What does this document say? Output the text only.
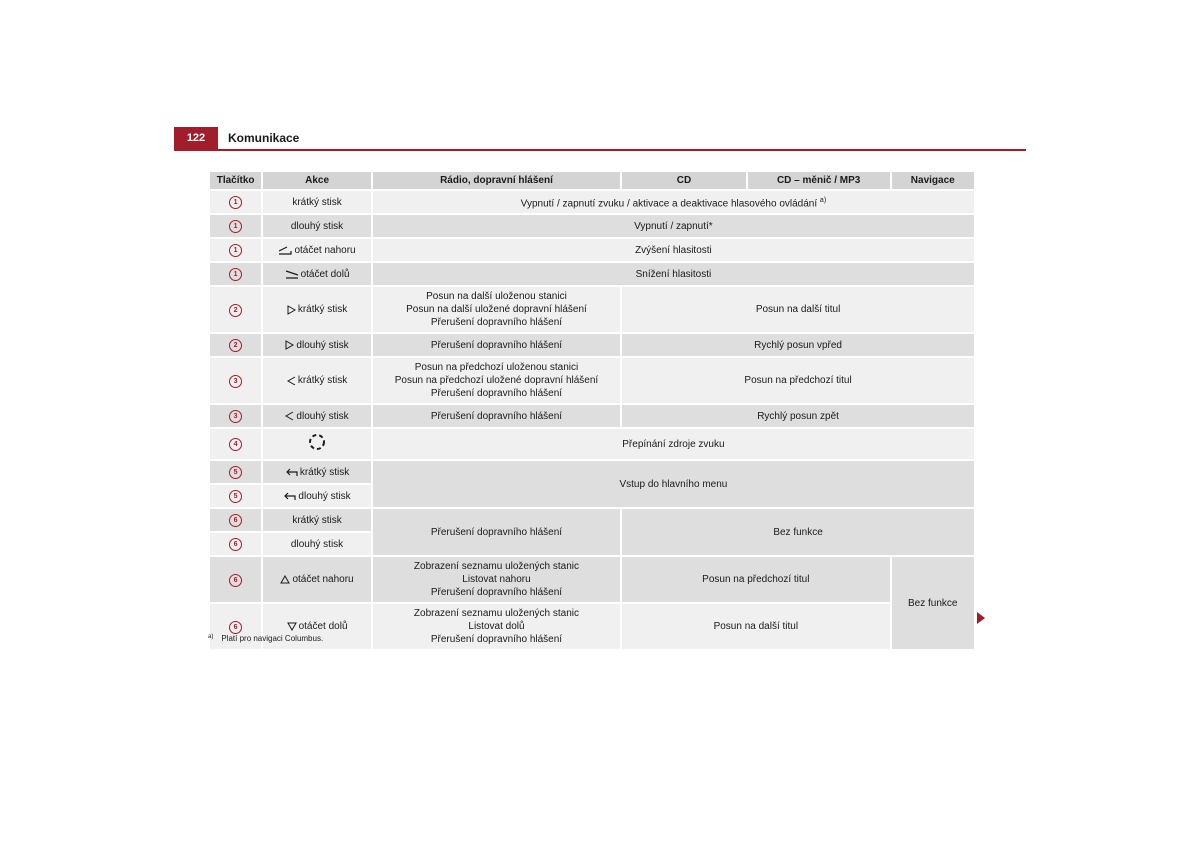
122	Komunikace
Tlačítko	Akce	Rádio, dopravní hlášení	CD	CD – měnič / MP3	Navigace
1	krátký stisk	Vypnutí / zapnutí zvuku / aktivace a deaktivace hlasového ovládání $^{a)}$
1	dlouhý stisk	Vypnutí / zapnutí*			
1	otáčet nahoru	Zvýšení hlasitosti			
1	otáčet dolů	Snížení hlasitosti			
2	krátký stisk	Posun na další uloženou stanici
Posun na další uložené dopravní hlášení
Přerušení dopravního hlášení	Posun na další titul		
2	dlouhý stisk	Přerušení dopravního hlášení	Rychlý posun vpřed		
3	krátký stisk	Posun na předchozí uloženou stanici
Posun na předchozí uložené dopravní hlášení
Přerušení dopravního hlášení	Posun na předchozí titul		
3	dlouhý stisk	Přerušení dopravního hlášení	Rychlý posun zpět		
4		Přepínání zdroje zvuku			
5	krátký stisk	Vstup do hlavního menu			
5	dlouhý stisk				
6	krátký stisk	Přerušení dopravního hlášení	Bez funkce		
6	dlouhý stisk				
6	otáčet nahoru	Zobrazení seznamu uložených stanic
Listovat nahoru
Přerušení dopravního hlášení	Posun na předchozí titul		Bez funkce
6	otáčet dolů	Zobrazení seznamu uložených stanic
Listovat dolů
Přerušení dopravního hlášení	Posun na další titul		
$^{a)}$ Platí pro navigaci Columbus.
